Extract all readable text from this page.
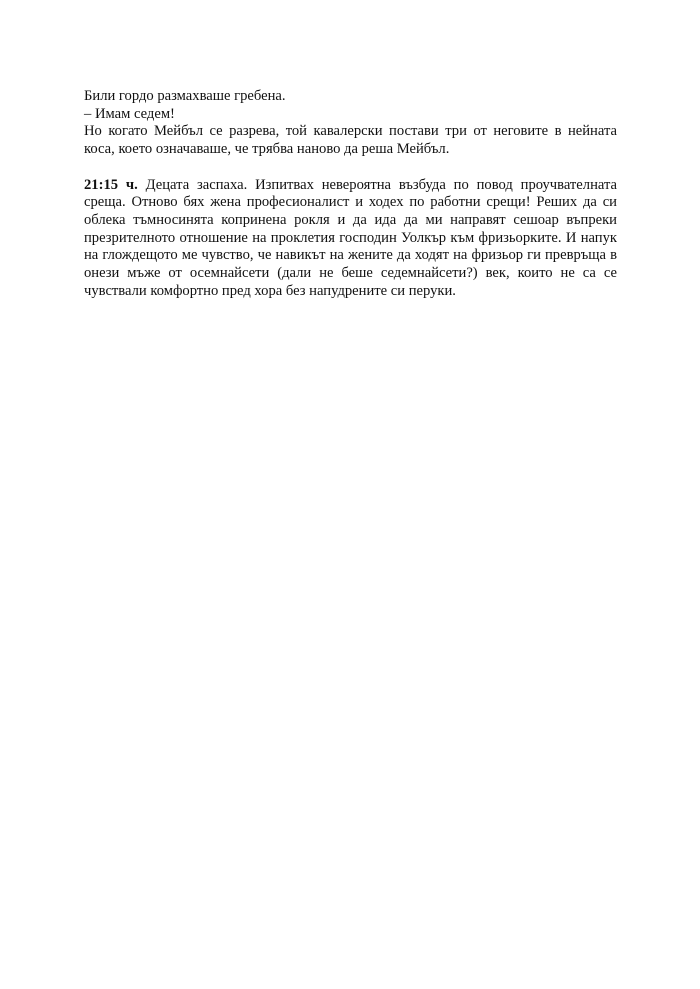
Били гордо размахваше гребена.
– Имам седем!
Но когато Мейбъл се разрева, той кавалерски постави три от неговите в нейната коса, което означаваше, че трябва наново да реша Мейбъл.

21:15 ч. Децата заспаха. Изпитвах невероятна възбуда по повод проучвателната среща. Отново бях жена професионалист и ходех по работни срещи! Реших да си облека тъмносинята копринена рокля и да ида да ми направят сешоар въпреки презрителното отношение на проклетия господин Уолкър към фризьорките. И напук на глождещото ме чувство, че навикът на жените да ходят на фризьор ги превръща в онези мъже от осемнайсети (дали не беше седемнайсети?) век, които не са се чувствали комфортно пред хора без напудрените си перуки.
